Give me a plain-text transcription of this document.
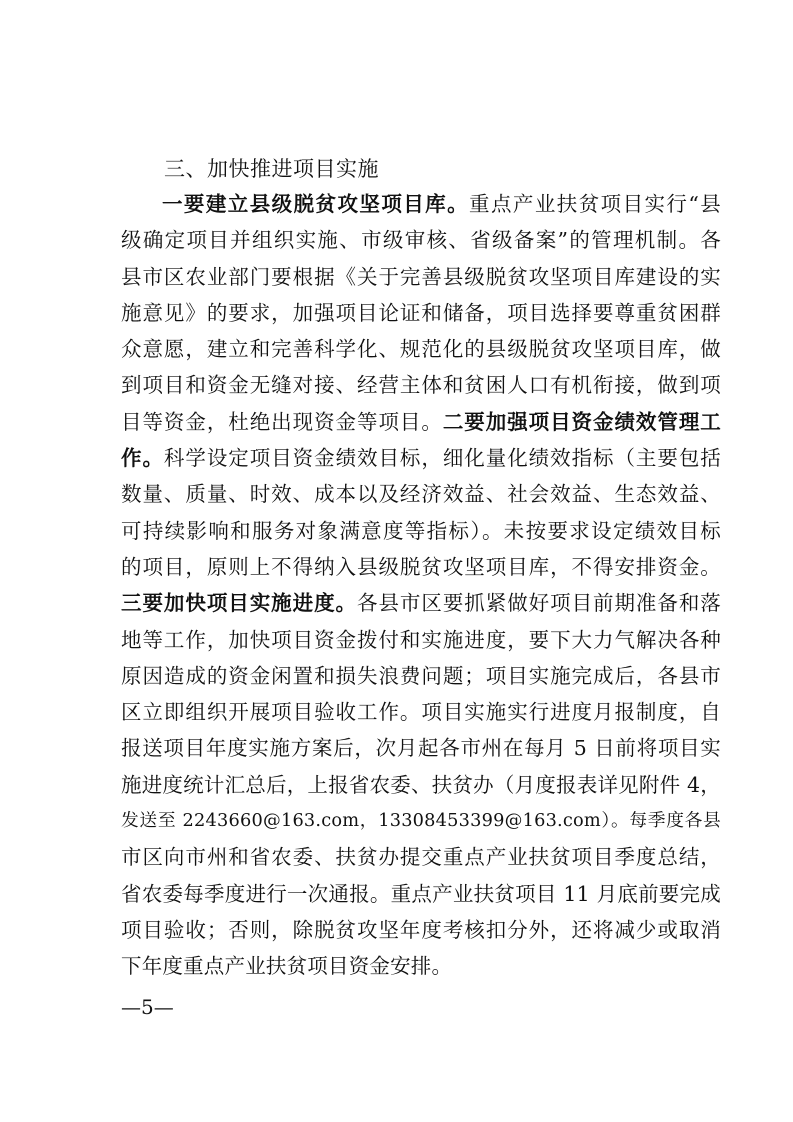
三、加快推进项目实施
一要建立县级脱贫攻坚项目库。重点产业扶贫项目实行“县
级确定项目并组织实施、市级审核、省级备案”的管理机制。各
县市区农业部门要根据《关于完善县级脱贫攻坚项目库建设的实
施意见》的要求，加强项目论证和储备，项目选择要尊重贫困群
众意愿，建立和完善科学化、规范化的县级脱贫攻坚项目库，做
到项目和资金无缝对接、经营主体和贫困人口有机衔接，做到项
目等资金，杜绝出现资金等项目。二要加强项目资金绩效管理工
作。科学设定项目资金绩效目标，细化量化绩效指标（主要包括
数量、质量、时效、成本以及经济效益、社会效益、生态效益、
可持续影响和服务对象满意度等指标）。未按要求设定绩效目标
的项目，原则上不得纳入县级脱贫攻坚项目库，不得安排资金。
三要加快项目实施进度。各县市区要抓紧做好项目前期准备和落
地等工作，加快项目资金拨付和实施进度，要下大力气解决各种
原因造成的资金闲置和损失浪费问题；项目实施完成后，各县市
区立即组织开展项目验收工作。项目实施实行进度月报制度，自
报送项目年度实施方案后，次月起各市州在每月 5 日前将项目实
施进度统计汇总后，上报省农委、扶贫办（月度报表详见附件 4，
发送至 2243660@163.com，13308453399@163.com）。每季度各县
市区向市州和省农委、扶贫办提交重点产业扶贫项目季度总结，
省农委每季度进行一次通报。重点产业扶贫项目 11 月底前要完成
项目验收；否则，除脱贫攻坚年度考核扣分外，还将减少或取消
下年度重点产业扶贫项目资金安排。
—5—
